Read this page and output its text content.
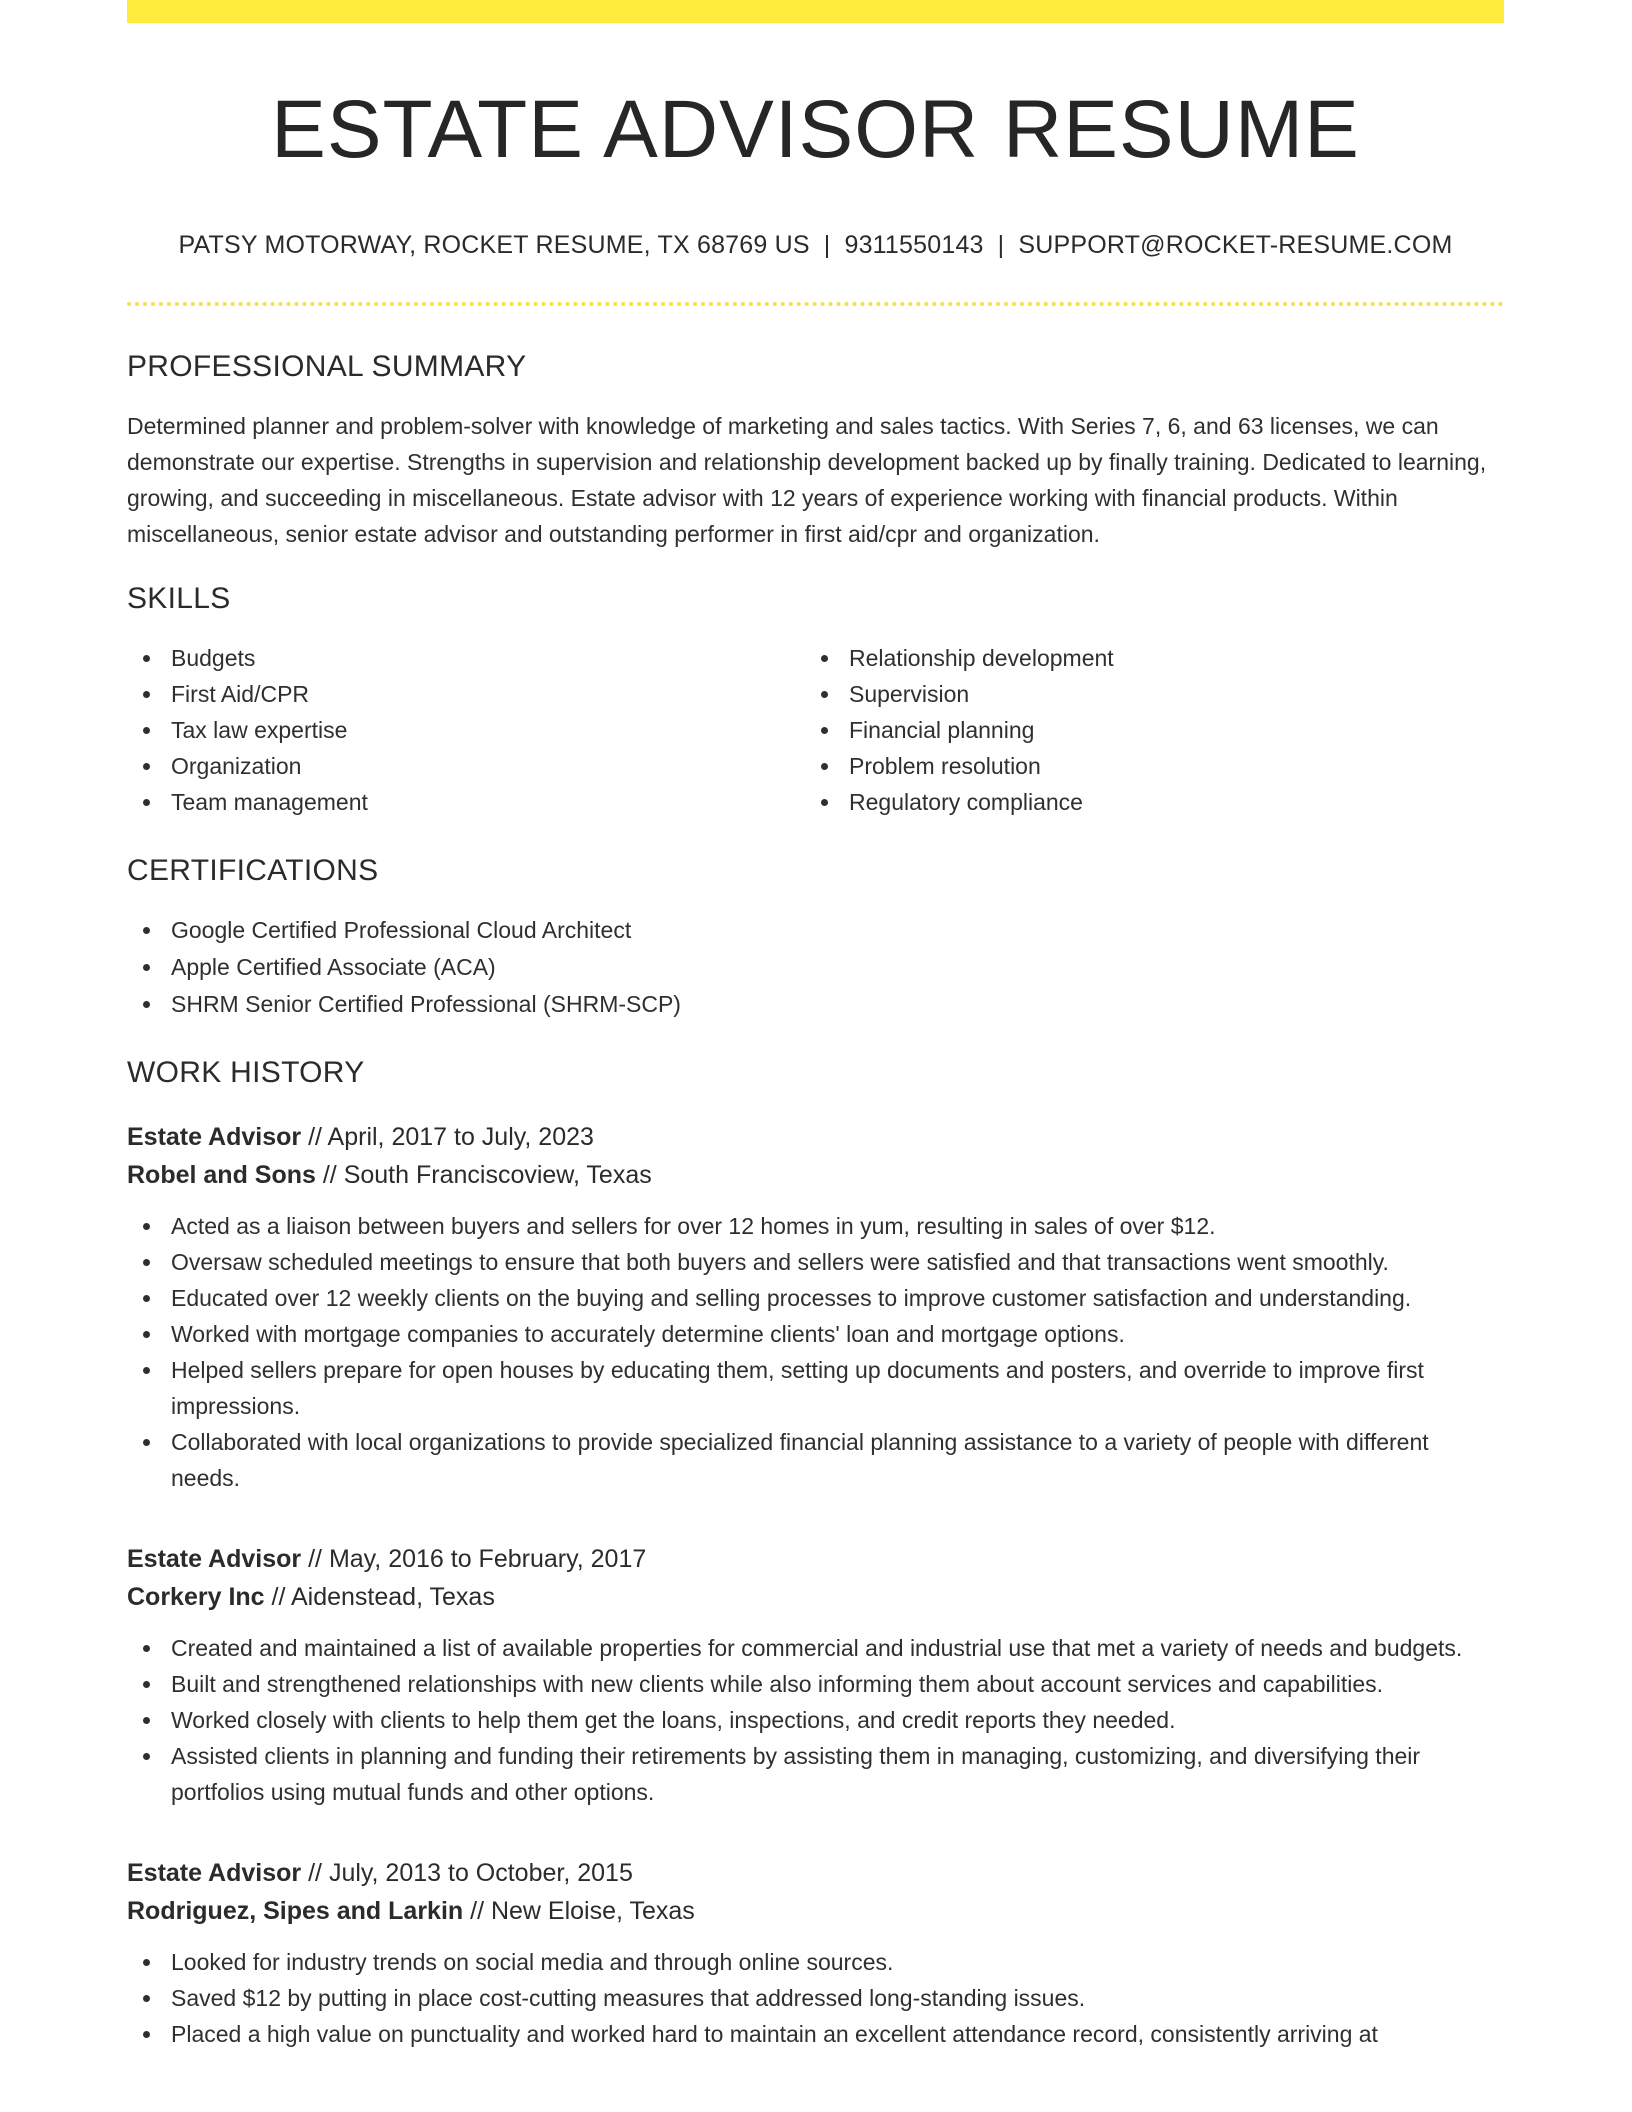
ESTATE ADVISOR RESUME
PATSY MOTORWAY, ROCKET RESUME, TX 68769 US | 9311550143 | SUPPORT@ROCKET-RESUME.COM
PROFESSIONAL SUMMARY

Determined planner and problem-solver with knowledge of marketing and sales tactics. With Series 7, 6, and 63 licenses, we can demonstrate our expertise. Strengths in supervision and relationship development backed up by finally training. Dedicated to learning, growing, and succeeding in miscellaneous. Estate advisor with 12 years of experience working with financial products. Within miscellaneous, senior estate advisor and outstanding performer in first aid/cpr and organization.

SKILLS
Budgets
First Aid/CPR
Tax law expertise
Organization
Team management
Relationship development
Supervision
Financial planning
Problem resolution
Regulatory compliance
CERTIFICATIONS
Google Certified Professional Cloud Architect
Apple Certified Associate (ACA)
SHRM Senior Certified Professional (SHRM-SCP)
WORK HISTORY
Estate Advisor // April, 2017 to July, 2023
Robel and Sons // South Franciscoview, Texas
Acted as a liaison between buyers and sellers for over 12 homes in yum, resulting in sales of over $12.
Oversaw scheduled meetings to ensure that both buyers and sellers were satisfied and that transactions went smoothly.
Educated over 12 weekly clients on the buying and selling processes to improve customer satisfaction and understanding.
Worked with mortgage companies to accurately determine clients' loan and mortgage options.
Helped sellers prepare for open houses by educating them, setting up documents and posters, and override to improve first impressions.
Collaborated with local organizations to provide specialized financial planning assistance to a variety of people with different needs.
Estate Advisor // May, 2016 to February, 2017
Corkery Inc // Aidenstead, Texas
Created and maintained a list of available properties for commercial and industrial use that met a variety of needs and budgets.
Built and strengthened relationships with new clients while also informing them about account services and capabilities.
Worked closely with clients to help them get the loans, inspections, and credit reports they needed.
Assisted clients in planning and funding their retirements by assisting them in managing, customizing, and diversifying their portfolios using mutual funds and other options.
Estate Advisor // July, 2013 to October, 2015
Rodriguez, Sipes and Larkin // New Eloise, Texas
Looked for industry trends on social media and through online sources.
Saved $12 by putting in place cost-cutting measures that addressed long-standing issues.
Placed a high value on punctuality and worked hard to maintain an excellent attendance record, consistently arriving at
